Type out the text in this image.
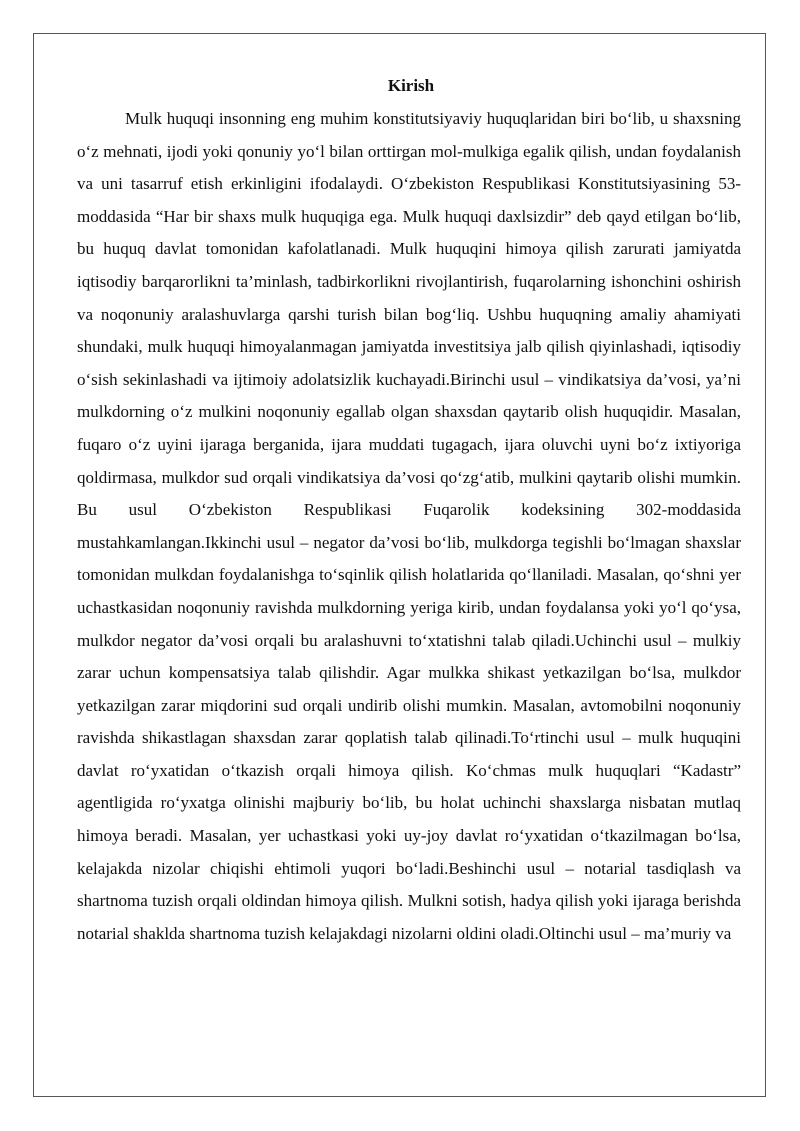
Kirish

Mulk huquqi insonning eng muhim konstitutsiyaviy huquqlaridan biri bo‘lib, u shaxsning o‘z mehnati, ijodi yoki qonuniy yo‘l bilan orttirgan mol-mulkiga egalik qilish, undan foydalanish va uni tasarruf etish erkinligini ifodalaydi. O‘zbekiston Respublikasi Konstitutsiyasining 53-moddasida “Har bir shaxs mulk huquqiga ega. Mulk huquqi daxlsizdir” deb qayd etilgan bo‘lib, bu huquq davlat tomonidan kafolatlanadi. Mulk huquqini himoya qilish zarurati jamiyatda iqtisodiy barqarorlikni ta’minlash, tadbirkorlikni rivojlantirish, fuqarolarning ishonchini oshirish va noqonuniy aralashuvlarga qarshi turish bilan bog‘liq. Ushbu huquqning amaliy ahamiyati shundaki, mulk huquqi himoyalanmagan jamiyatda investitsiya jalb qilish qiyinlashadi, iqtisodiy o‘sish sekinlashadi va ijtimoiy adolatsizlik kuchayadi.Birinchi usul – vindikatsiya da’vosi, ya’ni mulkdorning o‘z mulkini noqonuniy egallab olgan shaxsdan qaytarib olish huquqidir. Masalan, fuqaro o‘z uyini ijaraga berganida, ijara muddati tugagach, ijara oluvchi uyni bo‘z ixtiyoriga qoldirmasa, mulkdor sud orqali vindikatsiya da’vosi qo‘zg‘atib, mulkini qaytarib olishi mumkin. Bu usul O‘zbekiston Respublikasi Fuqarolik kodeksining 302-moddasida mustahkamlangan.Ikkinchi usul – negator da’vosi bo‘lib, mulkdorga tegishli bo‘lmagan shaxslar tomonidan mulkdan foydalanishga to‘sqinlik qilish holatlarida qo‘llaniladi. Masalan, qo‘shni yer uchastkasidan noqonuniy ravishda mulkdorning yeriga kirib, undan foydalansa yoki yo‘l qo‘ysa, mulkdor negator da’vosi orqali bu aralashuvni to‘xtatishni talab qiladi.Uchinchi usul – mulkiy zarar uchun kompensatsiya talab qilishdir. Agar mulkka shikast yetkazilgan bo‘lsa, mulkdor yetkazilgan zarar miqdorini sud orqali undirib olishi mumkin. Masalan, avtomobilni noqonuniy ravishda shikastlagan shaxsdan zarar qoplatish talab qilinadi.To‘rtinchi usul – mulk huquqini davlat ro‘yxatidan o‘tkazish orqali himoya qilish. Ko‘chmas mulk huquqlari “Kadastr” agentligida ro‘yxatga olinishi majburiy bo‘lib, bu holat uchinchi shaxslarga nisbatan mutlaq himoya beradi. Masalan, yer uchastkasi yoki uy-joy davlat ro‘yxatidan o‘tkazilmagan bo‘lsa, kelajakda nizolar chiqishi ehtimoli yuqori bo‘ladi.Beshinchi usul – notarial tasdiqlash va shartnoma tuzish orqali oldindan himoya qilish. Mulkni sotish, hadya qilish yoki ijaraga berishda notarial shaklda shartnoma tuzish kelajakdagi nizolarni oldini oladi.Oltinchi usul – ma’muriy va
